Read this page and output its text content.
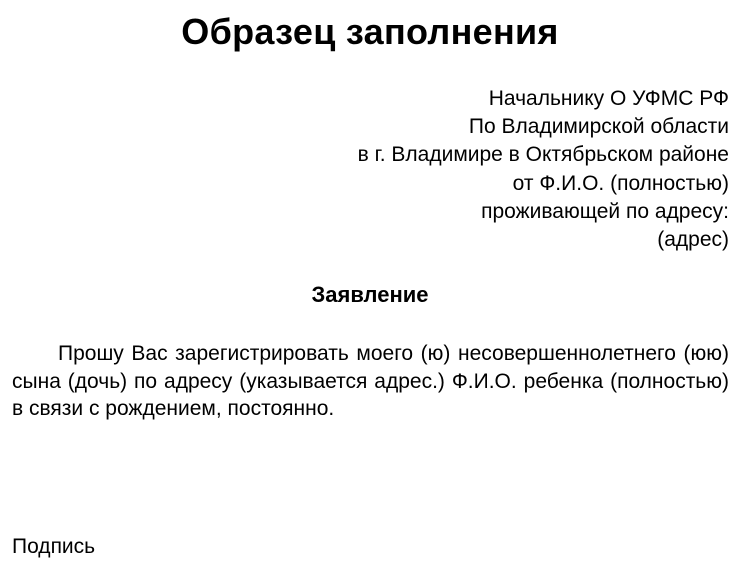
Образец заполнения
Начальнику О УФМС РФ
По Владимирской области
в г. Владимире в Октябрьском районе
от Ф.И.О. (полностью)
проживающей по адресу:
(адрес)
Заявление

Прошу Вас зарегистрировать моего (ю) несовершеннолетнего (юю) сына (дочь) по адресу (указывается адрес.) Ф.И.О. ребенка (полностью) в связи с рождением, постоянно.

Подпись
